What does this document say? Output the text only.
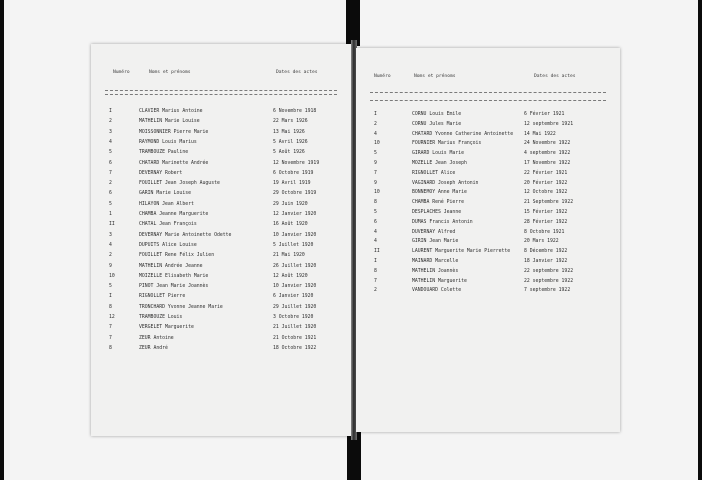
Numéro	Noms et prénoms	Dates des actes
I	CLAVIER Marius Antoine	6 Novembre 1918
2	MATHELIN Marie Louise	22 Mars 1926
3	MOISSONNIER Pierre Marie	13 Mai 1926
4	RAYMOND Louis Marius	5 Avril 1926
5	TRAMBOUZE Pauline	5 Août 1926
6	CHATARD Marinette Andrée	12 Novembre 1919
7	DEVERNAY Robert	6 Octobre 1919
2	FOUILLET Jean Joseph Auguste	19 Avril 1919
6	GARIN Marie Louise	29 Octobre 1919
5	HILAYON Jean Albert	29 Juin 1920
1	CHAMBA Jeanne Marguerite	12 Janvier 1920
II	CHATAL Jean François	16 Août 1920
3	DEVERNAY Marie Antoinette Odette	10 Janvier 1920
4	DUPUITS Alice Louise	5 Juillet 1920
2	FOUILLET Rene Félix Julien	21 Mai 1920
9	MATHELIN Andrée Jeanne	26 Juillet 1920
10	MOIZELLE Elisabeth Marie	12 Août 1920
5	PINOT Jean Marie Joannès	10 Janvier 1920
I	RIGNOLLET Pierre	6 Janvier 1920
8	TRONCHARD Yvonne Jeanne Marie	29 Juillet 1920
12	TRAMBOUZE Louis	3 Octobre 1920
7	VERGELET Marguerite	21 Juillet 1920
7	ZEUR Antoine	21 Octobre 1921
8	ZEUR André	18 Octobre 1922
Numéro	Noms et prénoms	Dates des actes
I	CORNU Louis Emile	6 Février 1921
2	CORNU Jules Marie	12 septembre 1921
4	CHATARD Yvonne Catherine Antoinette 14 Mai 1922
10	FOURNIER Marius François	24 Novembre 1922
5	GIRARD Louis Marie	4 septembre 1922
9	MOZELLE Jean Joseph	17 Novembre 1922
7	RIGNOLLET Alice	22 Février 1921
9	VAGINARD Joseph Antonin	20 Février 1922
10	BONNEMOY Anne Marie	12 Octobre 1922
8	CHAMBA René Pierre	21 Septembre 1922
5	DESPLACHES Jeanne	15 Février 1922
6	DUMAS Francis Antonin	28 Février 1922
4	DUVERNAY Alfred	8 Octobre 1921
4	GIRIN Jean Marie	20 Mars 1922
II	LAURENT Marguerite Marie Pierrette	8 Décembre 1922
I	MAINARD Marcelle	18 Janvier 1922
8	MATHELIN Joannès	22 septembre 1922
7	MATHELIN Marguerite	22 septembre 1922
2	VANDOUARD Colette	7 septembre 1922
